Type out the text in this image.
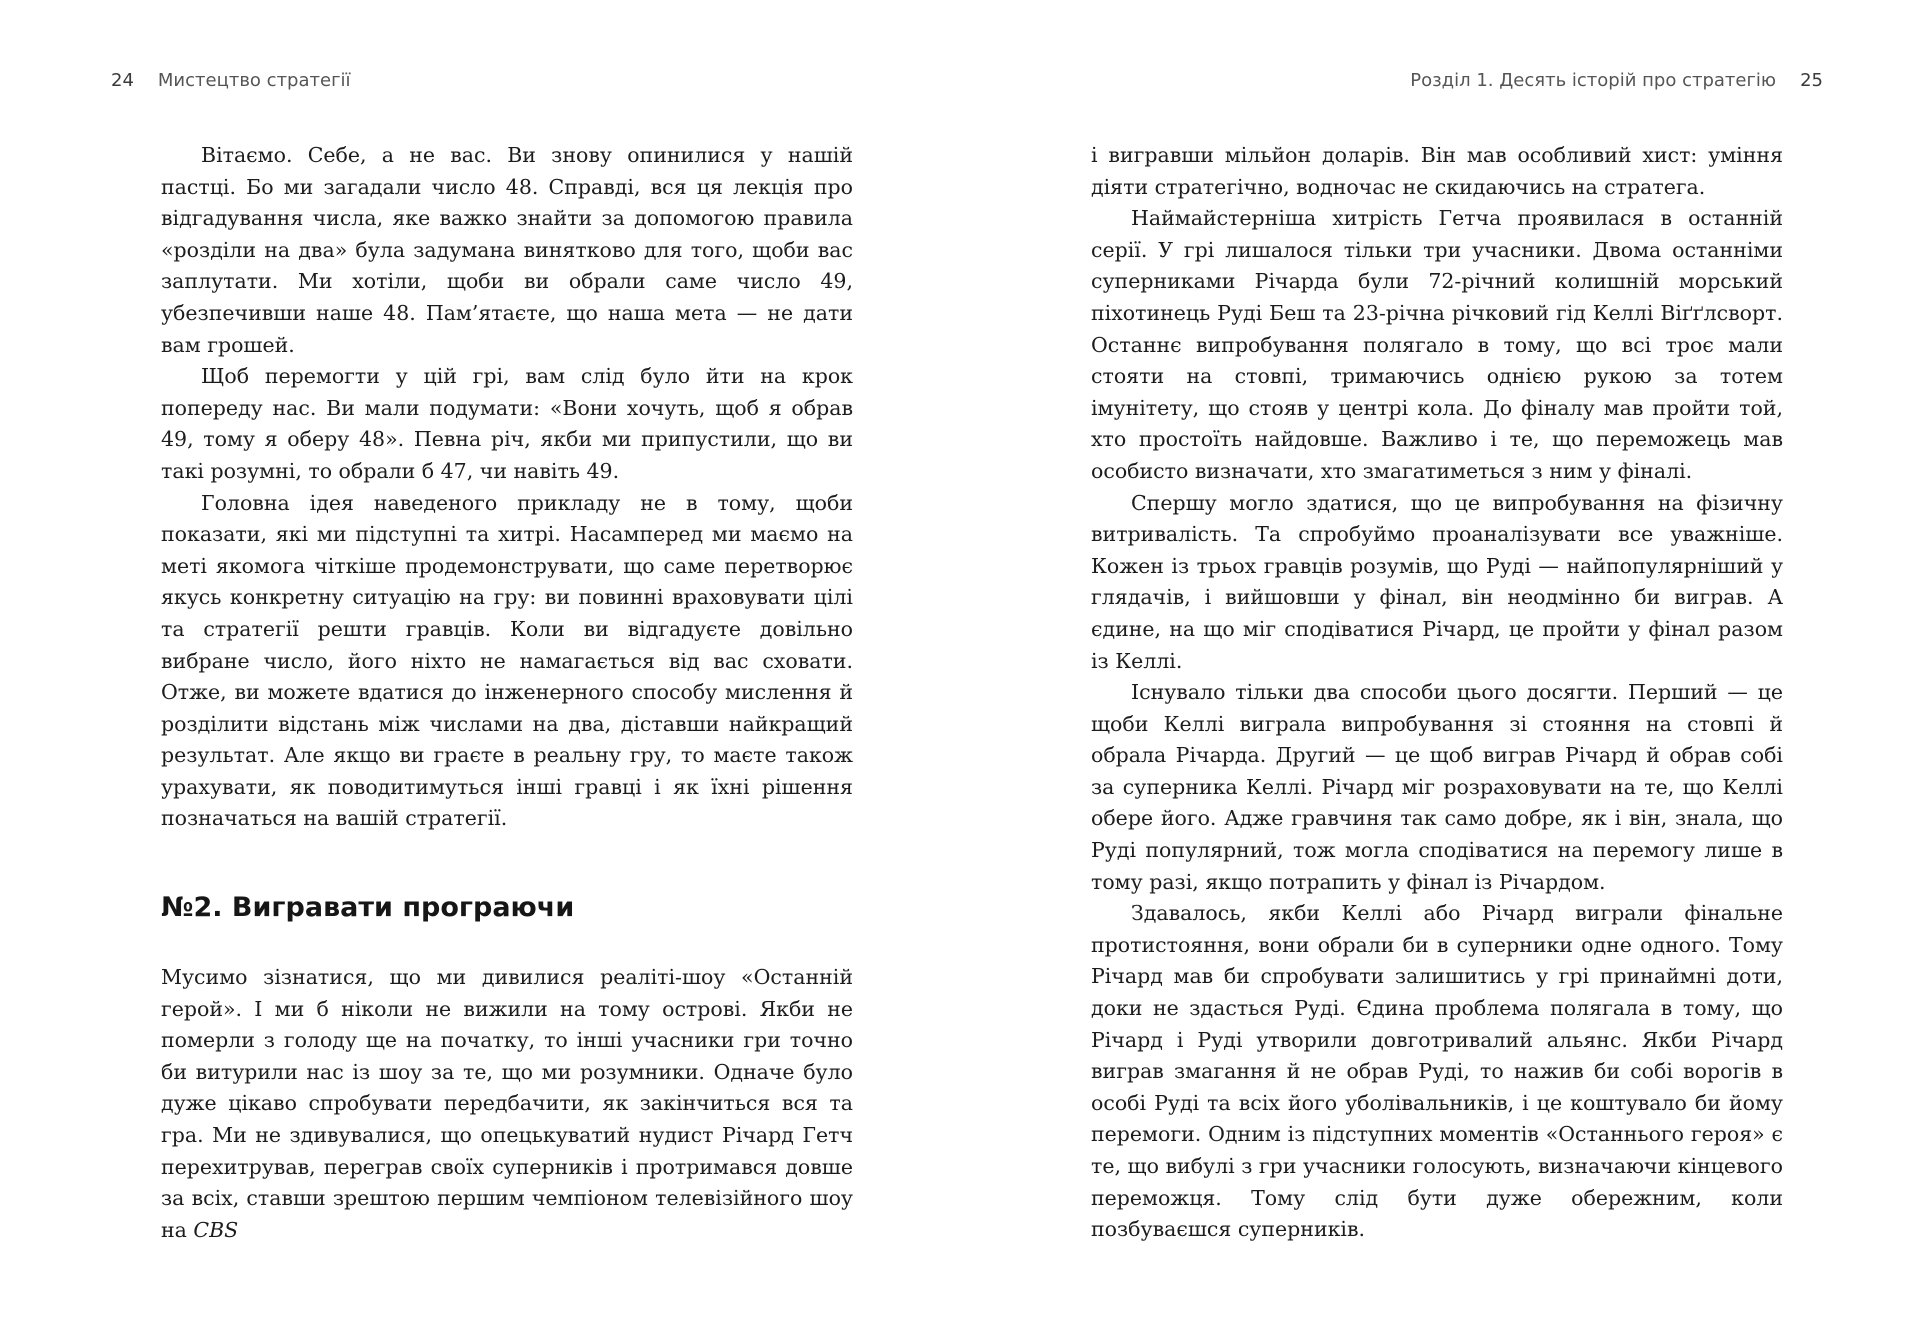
24 Мистецтво стратегії

Вітаємо. Себе, а не вас. Ви знову опинилися у нашій пастці. Бо ми загадали число 48. Справді, вся ця лекція про відгадування числа, яке важко знайти за допомогою правила «розділи на два» була задумана винятково для того, щоби вас заплутати. Ми хотіли, щоби ви обрали саме число 49, убезпечивши наше 48. Пам’ятаєте, що наша мета — не дати вам грошей.

Щоб перемогти у цій грі, вам слід було йти на крок попереду нас. Ви мали подумати: «Вони хочуть, щоб я обрав 49, тому я оберу 48». Певна річ, якби ми припустили, що ви такі розумні, то обрали б 47, чи навіть 49.

Головна ідея наведеного прикладу не в тому, щоби показати, які ми підступні та хитрі. Насамперед ми маємо на меті якомога чіткіше продемонструвати, що саме перетворює якусь конкретну ситуацію на гру: ви повинні враховувати цілі та стратегії решти гравців. Коли ви відгадуєте довільно вибране число, його ніхто не намагається від вас сховати. Отже, ви можете вдатися до інженерного способу мислення й розділити відстань між числами на два, діставши найкращий результат. Але якщо ви граєте в реальну гру, то маєте також урахувати, як поводитимуться інші гравці і як їхні рішення позначаться на вашій стратегії.

№2. Вигравати програючи

Мусимо зізнатися, що ми дивилися реаліті-шоу «Останній герой». І ми б ніколи не вижили на тому острові. Якби не померли з голоду ще на початку, то інші учасники гри точно би витурили нас із шоу за те, що ми розумники. Одначе було дуже цікаво спробувати передбачити, як закінчиться вся та гра. Ми не здивувалися, що опецькуватий нудист Річард Гетч перехитрував, переграв своїх суперників і протримався довше за всіх, ставши зрештою першим чемпіоном телевізійного шоу на CBS

Розділ 1. Десять історій про стратегію 25

і вигравши мільйон доларів. Він мав особливий хист: уміння діяти стратегічно, водночас не скидаючись на стратега.

Наймайстерніша хитрість Гетча проявилася в останній серії. У грі лишалося тільки три учасники. Двома останніми суперниками Річарда були 72-річний колишній морський піхотинець Руді Беш та 23-річна річковий гід Келлі Віґґлсворт. Останнє випробування полягало в тому, що всі троє мали стояти на стовпі, тримаючись однією рукою за тотем імунітету, що стояв у центрі кола. До фіналу мав пройти той, хто простоїть найдовше. Важливо і те, що переможець мав особисто визначати, хто змагатиметься з ним у фіналі.

Спершу могло здатися, що це випробування на фізичну витривалість. Та спробуймо проаналізувати все уважніше. Кожен із трьох гравців розумів, що Руді — найпопулярніший у глядачів, і вийшовши у фінал, він неодмінно би виграв. А єдине, на що міг сподіватися Річард, це пройти у фінал разом із Келлі.

Існувало тільки два способи цього досягти. Перший — це щоби Келлі виграла випробування зі стояння на стовпі й обрала Річарда. Другий — це щоб виграв Річард й обрав собі за суперника Келлі. Річард міг розраховувати на те, що Келлі обере його. Адже гравчиня так само добре, як і він, знала, що Руді популярний, тож могла сподіватися на перемогу лише в тому разі, якщо потрапить у фінал із Річардом.

Здавалось, якби Келлі або Річард виграли фінальне протистояння, вони обрали би в суперники одне одного. Тому Річард мав би спробувати залишитись у грі принаймні доти, доки не здасться Руді. Єдина проблема полягала в тому, що Річард і Руді утворили довготривалий альянс. Якби Річард виграв змагання й не обрав Руді, то нажив би собі ворогів в особі Руді та всіх його уболівальників, і це коштувало би йому перемоги. Одним із підступних моментів «Останнього героя» є те, що вибулі з гри учасники голосують, визначаючи кінцевого переможця. Тому слід бути дуже обережним, коли позбуваєшся суперників.
